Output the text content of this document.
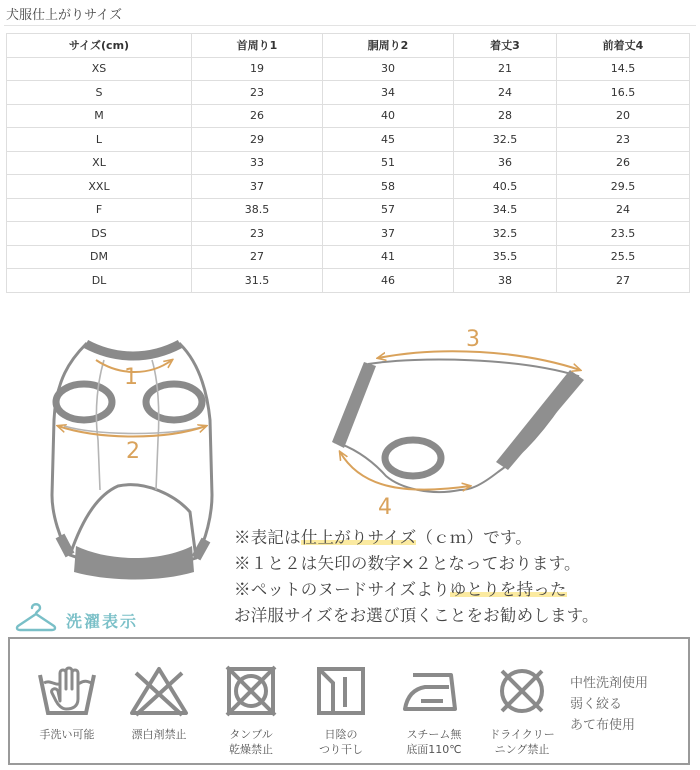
犬服仕上がりサイズ
サイズ(cm)	首周り1	胴周り2	着丈3	前着丈4
XS	19	30	21	14.5
S	23	34	24	16.5
M	26	40	28	20
L	29	45	32.5	23
XL	33	51	36	26
XXL	37	58	40.5	29.5
F	38.5	57	34.5	24
DS	23	37	32.5	23.5
DM	27	41	35.5	25.5
DL	31.5	46	38	27
1
2
3
4
※表記は仕上がりサイズ（ｃｍ）です。
※１と２は矢印の数字×２となっております。
※ペットのヌードサイズよりゆとりを持った
お洋服サイズをお選び頂くことをお勧めします。
洗濯表示
手洗い可能	漂白剤禁止	タンブル
乾燥禁止
日陰の
つり干し
スチーム無
底面110℃
ドライクリー
ニング禁止
中性洗剤使用
弱く絞る
あて布使用
